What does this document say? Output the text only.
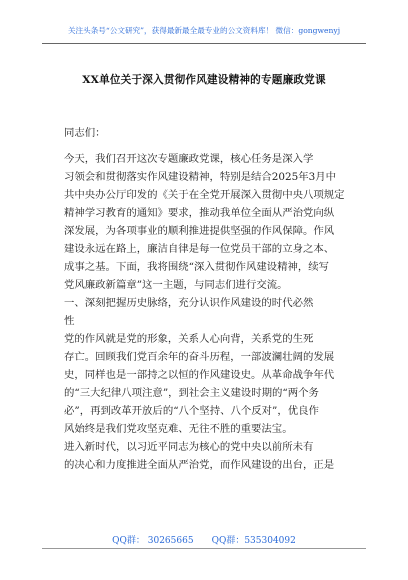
关注头条号“公文研究”，获得最新最全最专业的公文资料库！ 微信：gongwenyj
XX单位关于深入贯彻作风建设精神的专题廉政党课
同志们：
今天，我们召开这次专题廉政党课，核心任务是深入学
习领会和贯彻落实作风建设精神，特别是结合2025年3月中
共中央办公厅印发的《关于在全党开展深入贯彻中央八项规定
精神学习教育的通知》要求，推动我单位全面从严治党向纵
深发展，为各项事业的顺利推进提供坚强的作风保障。作风
建设永远在路上，廉洁自律是每一位党员干部的立身之本、
成事之基。下面，我将围绕“深入贯彻作风建设精神，续写
党风廉政新篇章”这一主题，与同志们进行交流。
一、深刻把握历史脉络，充分认识作风建设的时代必然
性
党的作风就是党的形象，关系人心向背，关系党的生死
存亡。回顾我们党百余年的奋斗历程，一部波澜壮阔的发展
史，同样也是一部持之以恒的作风建设史。从革命战争年代
的“三大纪律八项注意”，到社会主义建设时期的“两个务
必”，再到改革开放后的“八个坚持、八个反对”，优良作
风始终是我们党攻坚克难、无往不胜的重要法宝。
进入新时代，以习近平同志为核心的党中央以前所未有
的决心和力度推进全面从严治党，而作风建设的出台，正是
QQ群： 30265665 QQ群：535304092
